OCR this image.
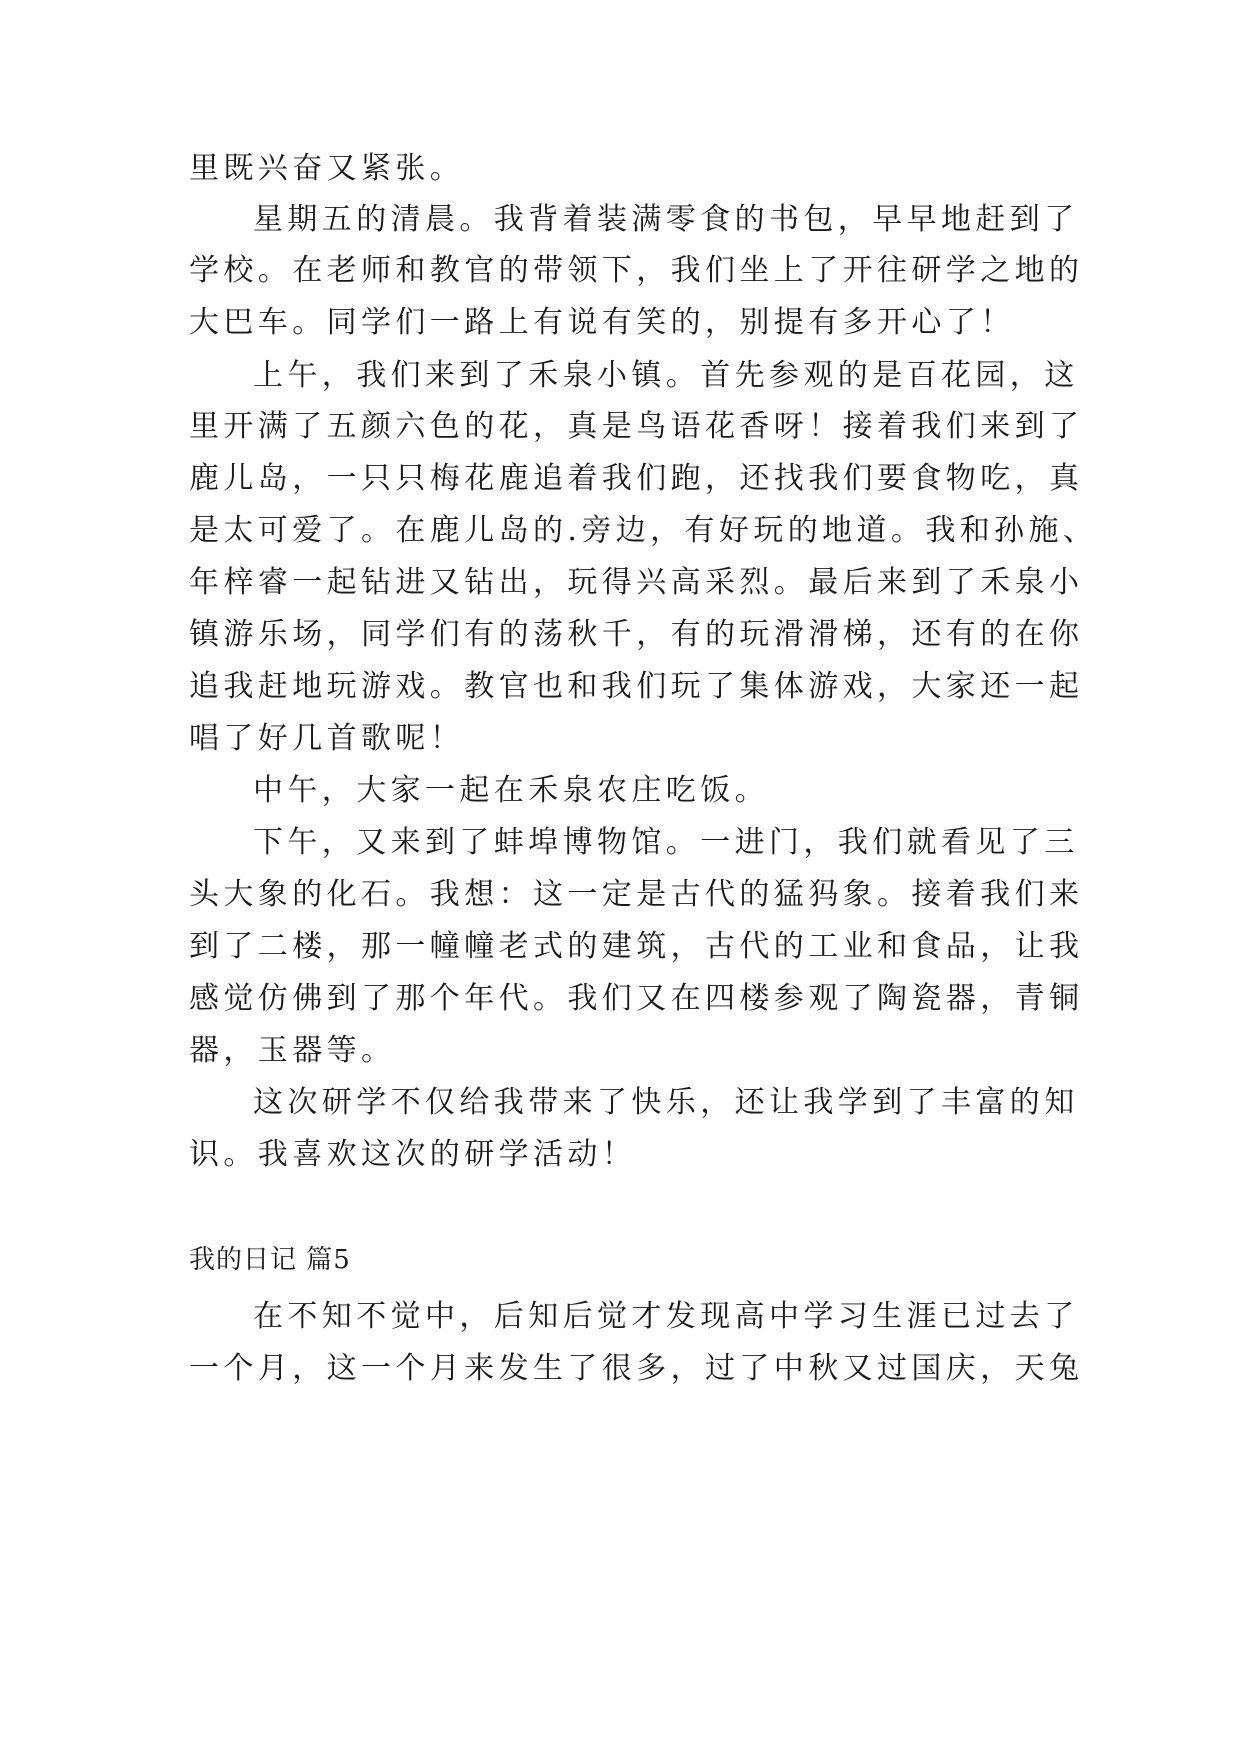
里既兴奋又紧张。
星期五的清晨。我背着装满零食的书包，早早地赶到了
学校。在老师和教官的带领下，我们坐上了开往研学之地的
大巴车。同学们一路上有说有笑的，别提有多开心了！
上午，我们来到了禾泉小镇。首先参观的是百花园，这
里开满了五颜六色的花，真是鸟语花香呀！接着我们来到了
鹿儿岛，一只只梅花鹿追着我们跑，还找我们要食物吃，真
是太可爱了。在鹿儿岛的.旁边，有好玩的地道。我和孙施、
年梓睿一起钻进又钻出，玩得兴高采烈。最后来到了禾泉小
镇游乐场，同学们有的荡秋千，有的玩滑滑梯，还有的在你
追我赶地玩游戏。教官也和我们玩了集体游戏，大家还一起
唱了好几首歌呢！
中午，大家一起在禾泉农庄吃饭。
下午，又来到了蚌埠博物馆。一进门，我们就看见了三
头大象的化石。我想：这一定是古代的猛犸象。接着我们来
到了二楼，那一幢幢老式的建筑，古代的工业和食品，让我
感觉仿佛到了那个年代。我们又在四楼参观了陶瓷器，青铜
器，玉器等。
这次研学不仅给我带来了快乐，还让我学到了丰富的知
识。我喜欢这次的研学活动！
我的日记 篇5
在不知不觉中，后知后觉才发现高中学习生涯已过去了
一个月，这一个月来发生了很多，过了中秋又过国庆，天兔
